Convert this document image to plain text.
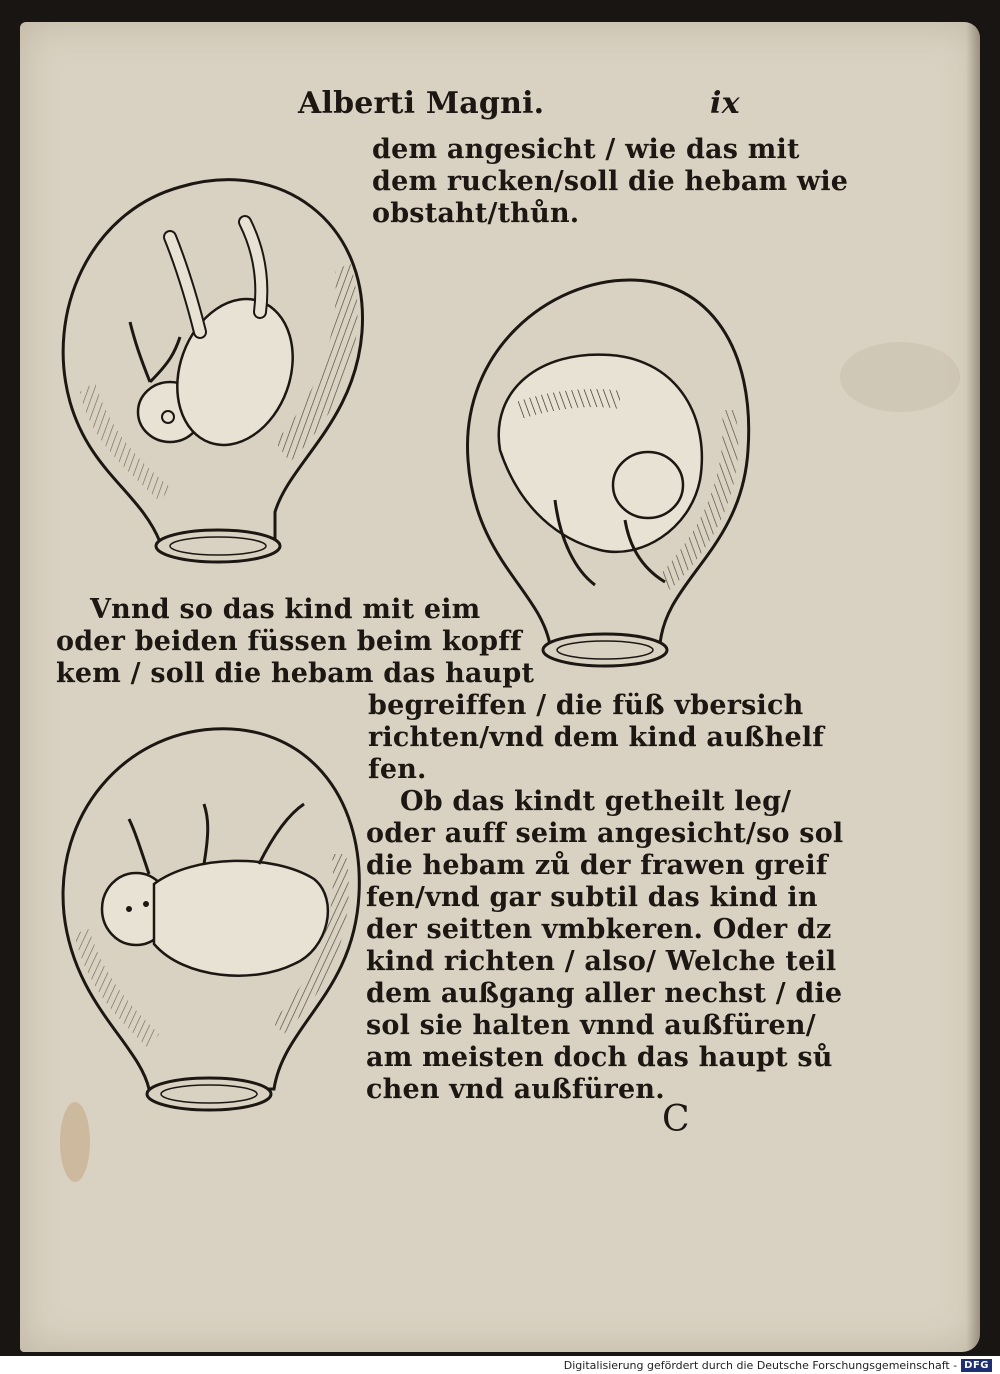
Alberti Magni.	ix

dem angesicht / wie das mit

dem rucken/soll die hebam wie

obstaht/thůn.

Vnnd so das kind mit eim

oder beiden füssen beim kopff

kem / soll die hebam das haupt

begreiffen / die füß vbersich

richten/vnd dem kind außhelf

fen.

Ob das kindt getheilt leg/

oder auff seim angesicht/so sol

die hebam zů der frawen greif

fen/vnd gar subtil das kind in

der seitten vmbkeren. Oder dz

kind richten / also/ Welche teil

dem außgang aller nechst / die

sol sie halten vnnd außfüren/

am meisten doch das haupt sů

chen vnd außfüren.

C

Digitalisierung gefördert durch die Deutsche Forschungsgemeinschaft - DFG
